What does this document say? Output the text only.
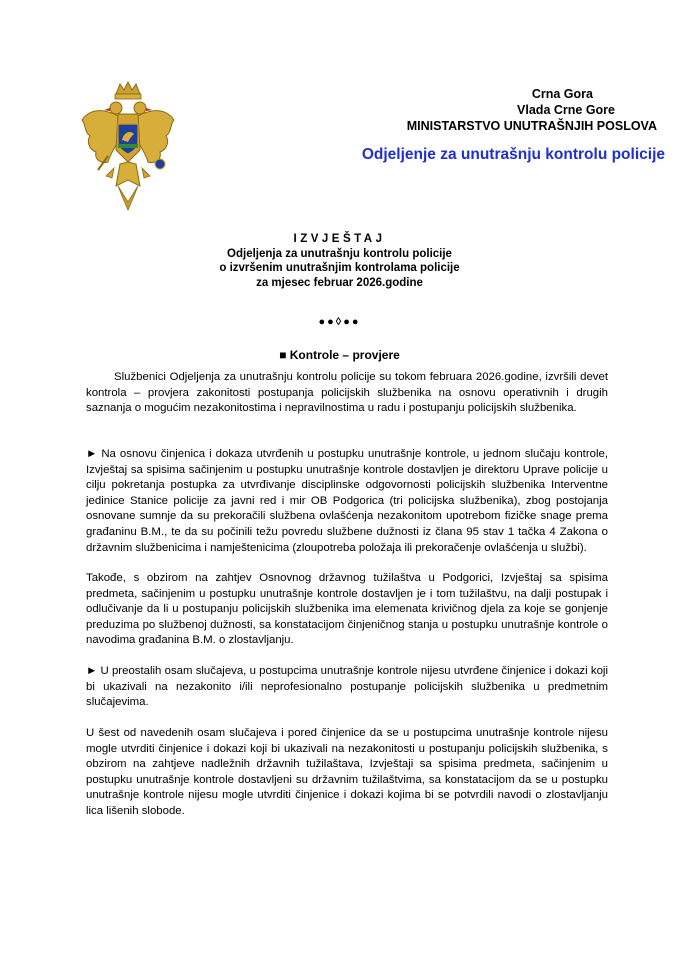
Crna Gora
Vlada Crne Gore
MINISTARSTVO UNUTRAŠNJIH POSLOVA
Odjeljenje za unutrašnju kontrolu policije
IZVJEŠTAJ
Odjeljenja za unutrašnju kontrolu policije
o izvršenim unutrašnjim kontrolama policije
za mjesec februar 2026.godine
●●◊●●
■ Kontrole – provjere
Službenici Odjeljenja za unutrašnju kontrolu policije su tokom februara 2026.godine, izvršili devet kontrola – provjera zakonitosti postupanja policijskih službenika na osnovu operativnih i drugih saznanja o mogućim nezakonitostima i nepravilnostima u radu i postupanju policijskih službenika.
► Na osnovu činjenica i dokaza utvrđenih u postupku unutrašnje kontrole, u jednom slučaju kontrole, Izvještaj sa spisima sačinjenim u postupku unutrašnje kontrole dostavljen je direktoru Uprave policije u cilju pokretanja postupka za utvrđivanje disciplinske odgovornosti policijskih službenika Interventne jedinice Stanice policije za javni red i mir OB Podgorica (tri policijska službenika), zbog postojanja osnovane sumnje da su prekoračili službena ovlašćenja nezakonitom upotrebom fizičke snage prema građaninu B.M., te da su počinili težu povredu službene dužnosti iz člana 95 stav 1 tačka 4 Zakona o državnim službenicima i namještenicima (zloupotreba položaja ili prekoračenje ovlašćenja u službi).
Takođe, s obzirom na zahtjev Osnovnog državnog tužilaštva u Podgorici, Izvještaj sa spisima predmeta, sačinjenim u postupku unutrašnje kontrole dostavljen je i tom tužilaštvu, na dalji postupak i odlučivanje da li u postupanju policijskih službenika ima elemenata krivičnog djela za koje se gonjenje preduzima po službenoj dužnosti, sa konstatacijom činjeničnog stanja u postupku unutrašnje kontrole o navodima građanina B.M. o zlostavljanju.
► U preostalih osam slučajeva, u postupcima unutrašnje kontrole nijesu utvrđene činjenice i dokazi koji bi ukazivali na nezakonito i/ili neprofesionalno postupanje policijskih službenika u predmetnim slučajevima.
U šest od navedenih osam slučajeva i pored činjenice da se u postupcima unutrašnje kontrole nijesu mogle utvrditi činjenice i dokazi koji bi ukazivali na nezakonitosti u postupanju policijskih službenika, s obzirom na zahtjeve nadležnih državnih tužilaštava, Izvještaji sa spisima predmeta, sačinjenim u postupku unutrašnje kontrole dostavljeni su državnim tužilaštvima, sa konstatacijom da se u postupku unutrašnje kontrole nijesu mogle utvrditi činjenice i dokazi kojima bi se potvrdili navodi o zlostavljanju lica lišenih slobode.
